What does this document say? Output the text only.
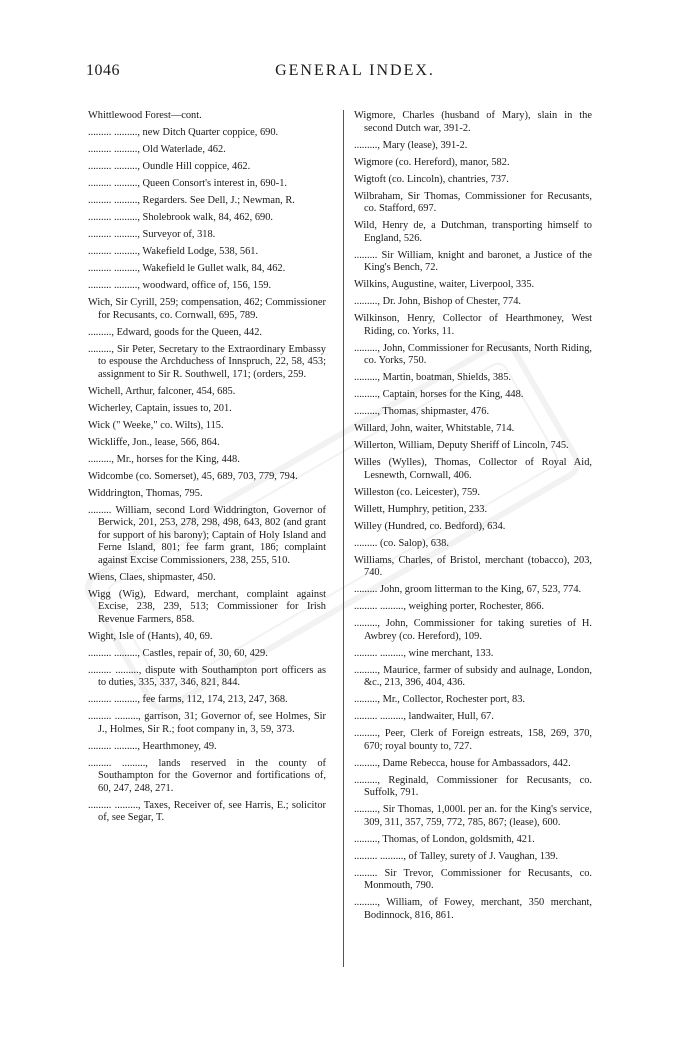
1046	GENERAL INDEX.

Whittlewood Forest—cont.

......... ........., new Ditch Quarter coppice, 690.

......... ........., Old Waterlade, 462.

......... ........., Oundle Hill coppice, 462.

......... ........., Queen Consort's interest in, 690-1.

......... ........., Regarders. See Dell, J.; Newman, R.

......... ........., Sholebrook walk, 84, 462, 690.

......... ........., Surveyor of, 318.

......... ........., Wakefield Lodge, 538, 561.

......... ........., Wakefield le Gullet walk, 84, 462.

......... ........., woodward, office of, 156, 159.

Wich, Sir Cyrill, 259; compensation, 462; Commissioner for Recusants, co. Cornwall, 695, 789.

........., Edward, goods for the Queen, 442.

........., Sir Peter, Secretary to the Extraordinary Embassy to espouse the Archduchess of Innspruch, 22, 58, 453; assignment to Sir R. Southwell, 171; (orders, 259.

Wichell, Arthur, falconer, 454, 685.

Wicherley, Captain, issues to, 201.

Wick (" Weeke," co. Wilts), 115.

Wickliffe, Jon., lease, 566, 864.

........., Mr., horses for the King, 448.

Widcombe (co. Somerset), 45, 689, 703, 779, 794.

Widdrington, Thomas, 795.

......... William, second Lord Widdrington, Governor of Berwick, 201, 253, 278, 298, 498, 643, 802 (and grant for support of his barony); Captain of Holy Island and Ferne Island, 801; fee farm grant, 186; complaint against Excise Commissioners, 238, 255, 510.

Wiens, Claes, shipmaster, 450.

Wigg (Wig), Edward, merchant, complaint against Excise, 238, 239, 513; Commissioner for Irish Revenue Farmers, 858.

Wight, Isle of (Hants), 40, 69.

......... ........., Castles, repair of, 30, 60, 429.

......... ........., dispute with Southampton port officers as to duties, 335, 337, 346, 821, 844.

......... ........., fee farms, 112, 174, 213, 247, 368.

......... ........., garrison, 31; Governor of, see Holmes, Sir J., Holmes, Sir R.; foot company in, 3, 59, 373.

......... ........., Hearthmoney, 49.

......... ........., lands reserved in the county of Southampton for the Governor and fortifications of, 60, 247, 248, 271.

......... ........., Taxes, Receiver of, see Harris, E.; solicitor of, see Segar, T.

Wigmore, Charles (husband of Mary), slain in the second Dutch war, 391-2.

........., Mary (lease), 391-2.

Wigmore (co. Hereford), manor, 582.

Wigtoft (co. Lincoln), chantries, 737.

Wilbraham, Sir Thomas, Commissioner for Recusants, co. Stafford, 697.

Wild, Henry de, a Dutchman, transporting himself to England, 526.

......... Sir William, knight and baronet, a Justice of the King's Bench, 72.

Wilkins, Augustine, waiter, Liverpool, 335.

........., Dr. John, Bishop of Chester, 774.

Wilkinson, Henry, Collector of Hearthmoney, West Riding, co. Yorks, 11.

........., John, Commissioner for Recusants, North Riding, co. Yorks, 750.

........., Martin, boatman, Shields, 385.

........., Captain, horses for the King, 448.

........., Thomas, shipmaster, 476.

Willard, John, waiter, Whitstable, 714.

Willerton, William, Deputy Sheriff of Lincoln, 745.

Willes (Wylles), Thomas, Collector of Royal Aid, Lesnewth, Cornwall, 406.

Willeston (co. Leicester), 759.

Willett, Humphry, petition, 233.

Willey (Hundred, co. Bedford), 634.

......... (co. Salop), 638.

Williams, Charles, of Bristol, merchant (tobacco), 203, 740.

......... John, groom litterman to the King, 67, 523, 774.

......... ........., weighing porter, Rochester, 866.

........., John, Commissioner for taking sureties of H. Awbrey (co. Hereford), 109.

......... ........., wine merchant, 133.

........., Maurice, farmer of subsidy and aulnage, London, &c., 213, 396, 404, 436.

........., Mr., Collector, Rochester port, 83.

......... ........., landwaiter, Hull, 67.

........., Peer, Clerk of Foreign estreats, 158, 269, 370, 670; royal bounty to, 727.

........., Dame Rebecca, house for Ambassadors, 442.

........., Reginald, Commissioner for Recusants, co. Suffolk, 791.

........., Sir Thomas, 1,000l. per an. for the King's service, 309, 311, 357, 759, 772, 785, 867; (lease), 600.

........., Thomas, of London, goldsmith, 421.

......... ........., of Talley, surety of J. Vaughan, 139.

......... Sir Trevor, Commissioner for Recusants, co. Monmouth, 790.

........., William, of Fowey, merchant, 350 merchant, Bodinnock, 816, 861.
